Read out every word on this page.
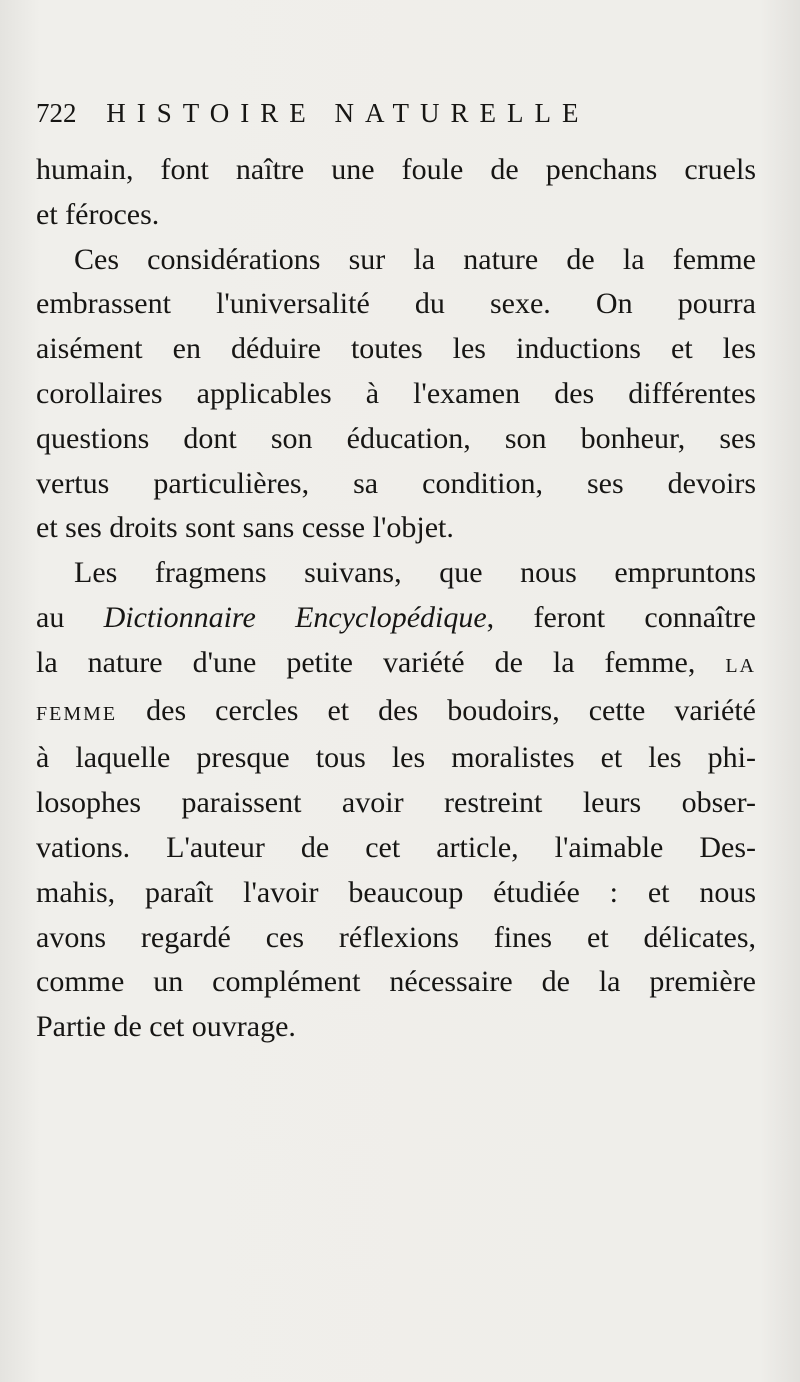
722 HISTOIRE NATURELLE
humain, font naître une foule de penchans cruels
et féroces.
Ces considérations sur la nature de la femme
embrassent l'universalité du sexe. On pourra
aisément en déduire toutes les inductions et les
corollaires applicables à l'examen des différentes
questions dont son éducation, son bonheur, ses
vertus particulières, sa condition, ses devoirs
et ses droits sont sans cesse l'objet.
Les fragmens suivans, que nous empruntons
au Dictionnaire Encyclopédique, feront connaître
la nature d'une petite variété de la femme, LA
FEMME des cercles et des boudoirs, cette variété
à laquelle presque tous les moralistes et les phi-
losophes paraissent avoir restreint leurs obser-
vations. L'auteur de cet article, l'aimable Des-
mahis, paraît l'avoir beaucoup étudiée : et nous
avons regardé ces réflexions fines et délicates,
comme un complément nécessaire de la première
Partie de cet ouvrage.
